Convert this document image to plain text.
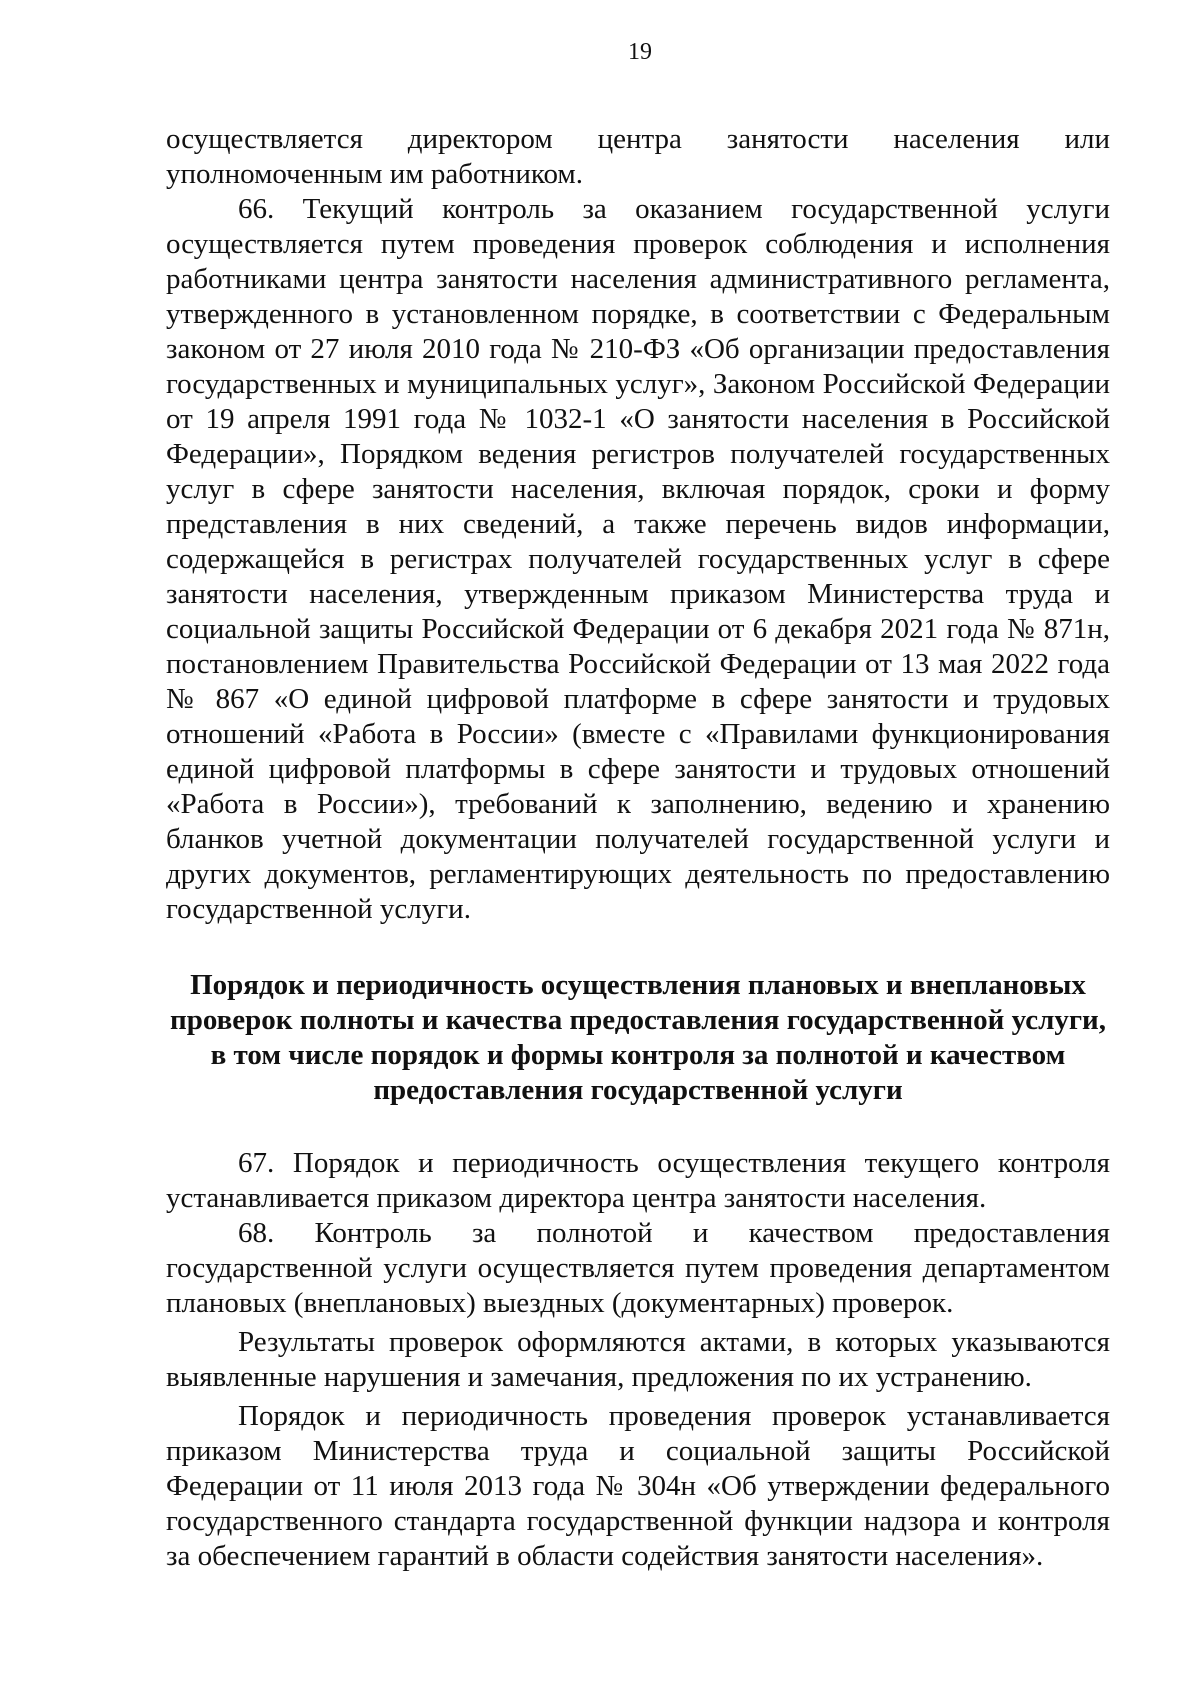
19

осуществляется директором центра занятости населения или уполномоченным им работником.

66. Текущий контроль за оказанием государственной услуги осуществляется путем проведения проверок соблюдения и исполнения работниками центра занятости населения административного регламента, утвержденного в установленном порядке, в соответствии с Федеральным законом от 27 июля 2010 года № 210-ФЗ «Об организации предоставления государственных и муниципальных услуг», Законом Российской Федерации от 19 апреля 1991 года № 1032-1 «О занятости населения в Российской Федерации», Порядком ведения регистров получателей государственных услуг в сфере занятости населения, включая порядок, сроки и форму представления в них сведений, а также перечень видов информации, содержащейся в регистрах получателей государственных услуг в сфере занятости населения, утвержденным приказом Министерства труда и социальной защиты Российской Федерации от 6 декабря 2021 года № 871н, постановлением Правительства Российской Федерации от 13 мая 2022 года № 867 «О единой цифровой платформе в сфере занятости и трудовых отношений «Работа в России» (вместе с «Правилами функционирования единой цифровой платформы в сфере занятости и трудовых отношений «Работа в России»), требований к заполнению, ведению и хранению бланков учетной документации получателей государственной услуги и других документов, регламентирующих деятельность по предоставлению государственной услуги.

Порядок и периодичность осуществления плановых и внеплановых
проверок полноты и качества предоставления государственной услуги,
в том числе порядок и формы контроля за полнотой и качеством
предоставления государственной услуги

67. Порядок и периодичность осуществления текущего контроля устанавливается приказом директора центра занятости населения.

68. Контроль за полнотой и качеством предоставления государственной услуги осуществляется путем проведения департаментом плановых (внеплановых) выездных (документарных) проверок.

Результаты проверок оформляются актами, в которых указываются выявленные нарушения и замечания, предложения по их устранению.

Порядок и периодичность проведения проверок устанавливается приказом Министерства труда и социальной защиты Российской Федерации от 11 июля 2013 года № 304н «Об утверждении федерального государственного стандарта государственной функции надзора и контроля за обеспечением гарантий в области содействия занятости населения».
